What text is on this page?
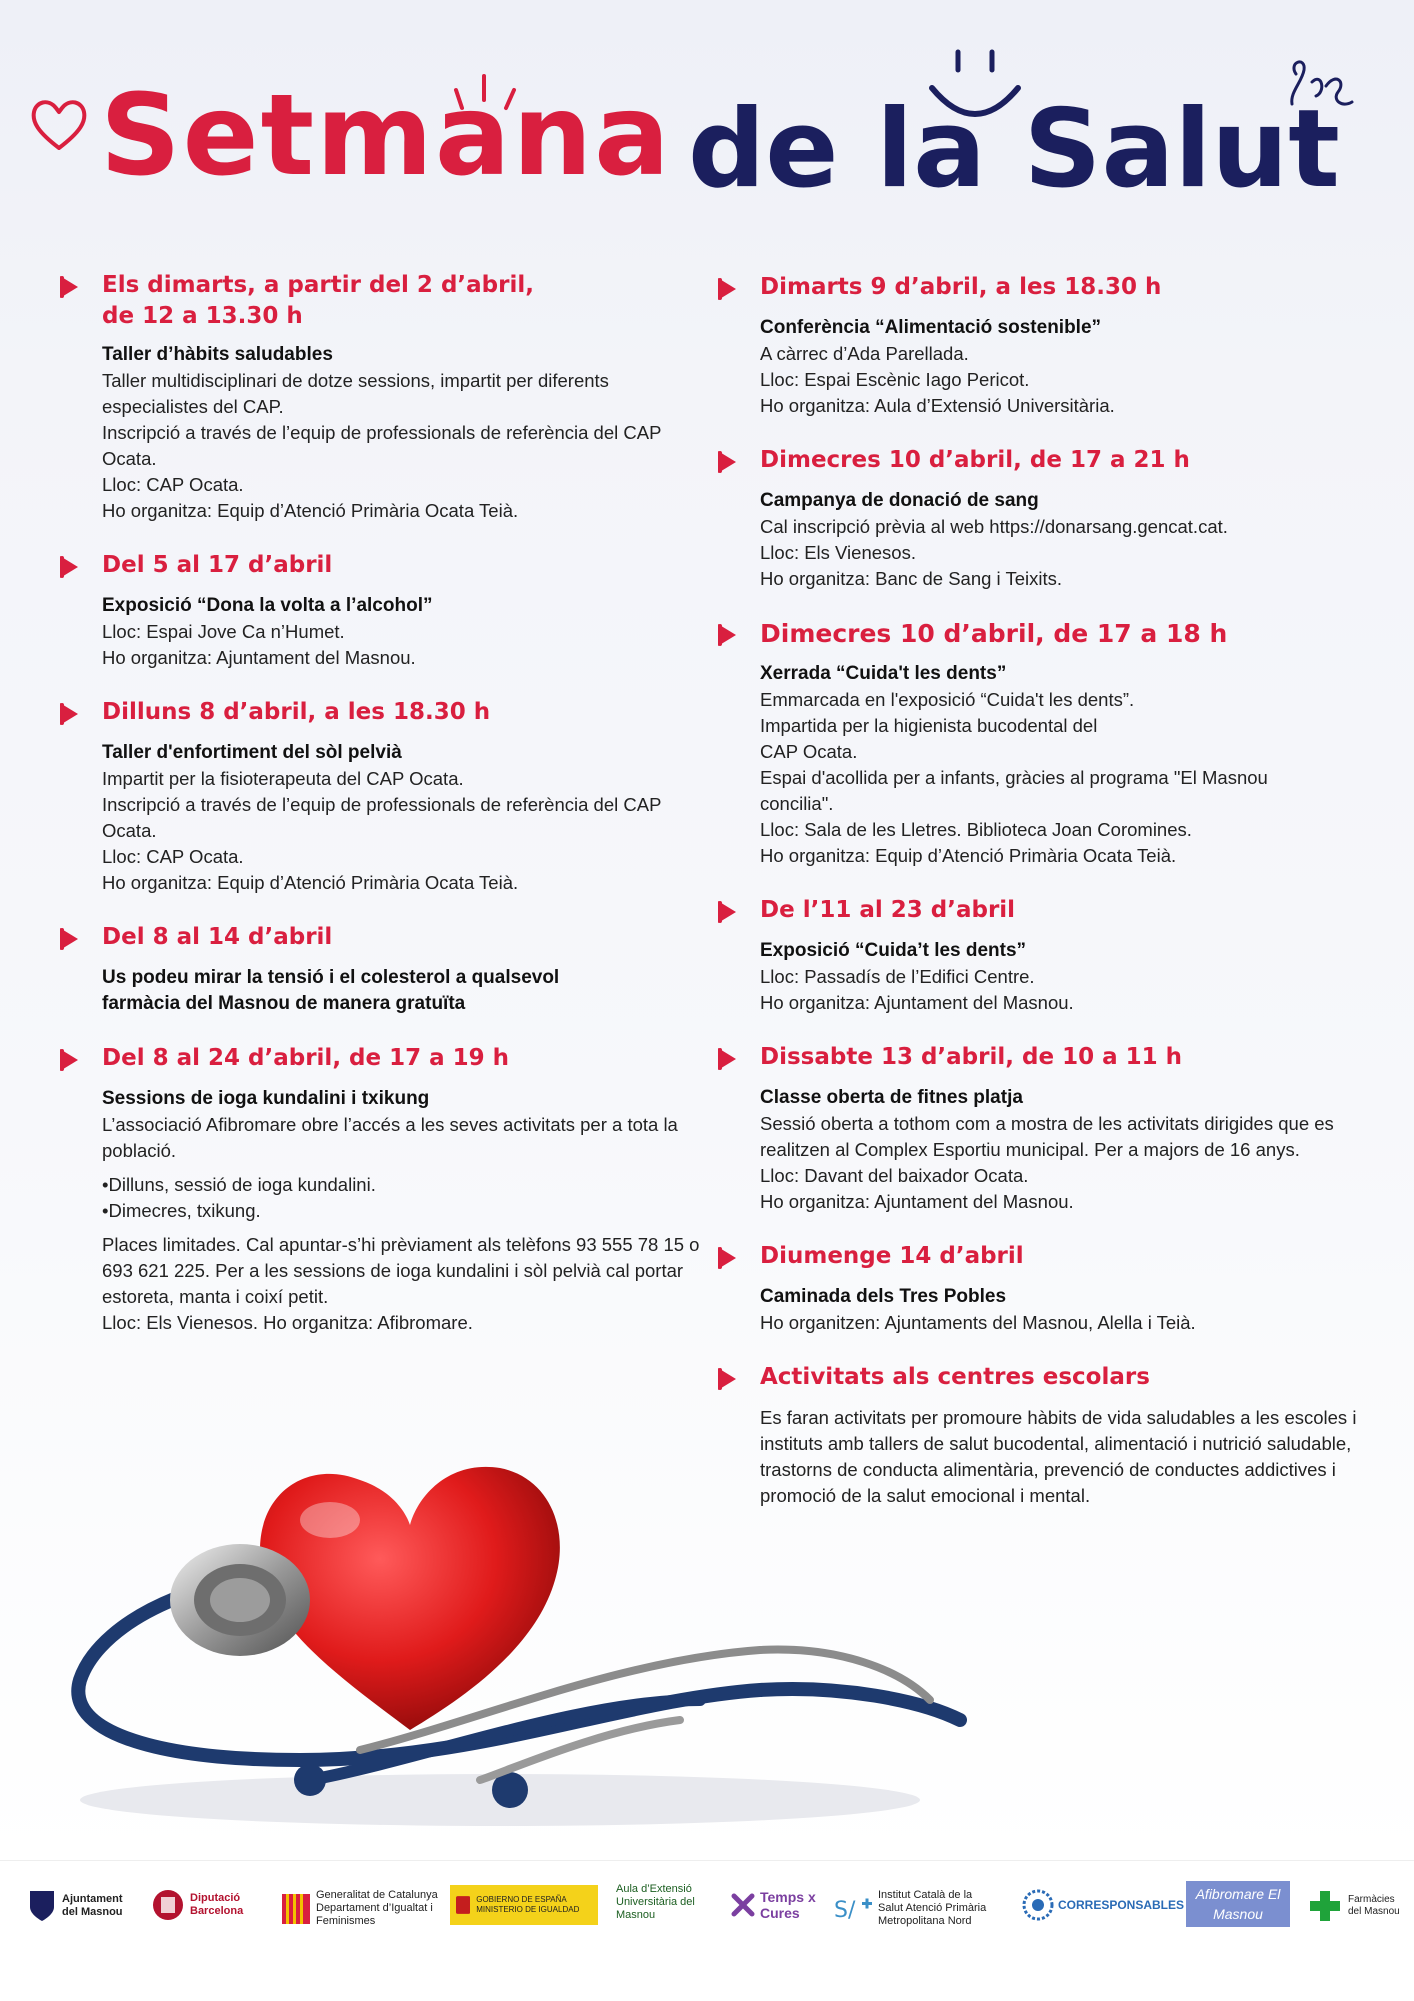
Setmana de la Salut
Els dimarts, a partir del 2 d’abril, de 12 a 13.30 h
Taller d’hàbits saludables
Taller multidisciplinari de dotze sessions, impartit per diferents especialistes del CAP.
Inscripció a través de l’equip de professionals de referència del CAP Ocata.
Lloc: CAP Ocata.
Ho organitza: Equip d’Atenció Primària Ocata Teià.
Del 5 al 17 d’abril
Exposició “Dona la volta a l’alcohol”
Lloc: Espai Jove Ca n’Humet.
Ho organitza: Ajuntament del Masnou.
Dilluns 8 d’abril, a les 18.30 h
Taller d'enfortiment del sòl pelvià
Impartit per la fisioterapeuta del CAP Ocata.
Inscripció a través de l’equip de professionals de referència del CAP Ocata.
Lloc: CAP Ocata.
Ho organitza: Equip d’Atenció Primària Ocata Teià.
Del 8 al 14 d’abril
Us podeu mirar la tensió i el colesterol a qualsevol farmàcia del Masnou de manera gratuïta
Del 8 al 24 d’abril, de 17 a 19 h
Sessions de ioga kundalini i txikung
L’associació Afibromare obre l’accés a les seves activitats per a tota la població.
•Dilluns, sessió de ioga kundalini.
•Dimecres, txikung.
Places limitades. Cal apuntar-s’hi prèviament als telèfons 93 555 78 15 o 693 621 225. Per a les sessions de ioga kundalini i sòl pelvià cal portar estoreta, manta i coixí petit.
Lloc: Els Vienesos. Ho organitza: Afibromare.
Dimarts 9 d’abril, a les 18.30 h
Conferència “Alimentació sostenible”
A càrrec d’Ada Parellada.
Lloc: Espai Escènic Iago Pericot.
Ho organitza: Aula d’Extensió Universitària.
Dimecres 10 d’abril, de 17 a 21 h
Campanya de donació de sang
Cal inscripció prèvia al web https://donarsang.gencat.cat.
Lloc: Els Vienesos.
Ho organitza: Banc de Sang i Teixits.
Dimecres 10 d’abril, de 17 a 18 h
Xerrada “Cuida't les dents”
Emmarcada en l'exposició “Cuida't les dents”.
Impartida per la higienista bucodental del CAP Ocata.
Espai d'acollida per a infants, gràcies al programa "El Masnou concilia".
Lloc: Sala de les Lletres. Biblioteca Joan Coromines.
Ho organitza: Equip d’Atenció Primària Ocata Teià.
De l’11 al 23 d’abril
Exposició “Cuida’t les dents”
Lloc: Passadís de l’Edifici Centre.
Ho organitza: Ajuntament del Masnou.
Dissabte 13 d’abril, de 10 a 11 h
Classe oberta de fitnes platja
Sessió oberta a tothom com a mostra de les activitats dirigides que es realitzen al Complex Esportiu municipal. Per a majors de 16 anys.
Lloc: Davant del baixador Ocata.
Ho organitza: Ajuntament del Masnou.
Diumenge 14 d’abril
Caminada dels Tres Pobles
Ho organitzen: Ajuntaments del Masnou, Alella i Teià.
Activitats als centres escolars
Es faran activitats per promoure hàbits de vida saludables a les escoles i instituts amb tallers de salut bucodental, alimentació i nutrició saludable, trastorns de conducta alimentària, prevenció de conductes addictives i promoció de la salut emocional i mental.
Ajuntament del Masnou
Diputació Barcelona
Generalitat de Catalunya Departament d’Igualtat i Feminismes
GOBIERNO DE ESPAÑA MINISTERIO DE IGUALDAD
Aula d’Extensió Universitària del Masnou
Temps x Cures	S/
Institut Català de la Salut Atenció Primària Metropolitana Nord
CORRESPONSABLES
Afibromare El Masnou
Farmàcies del Masnou
